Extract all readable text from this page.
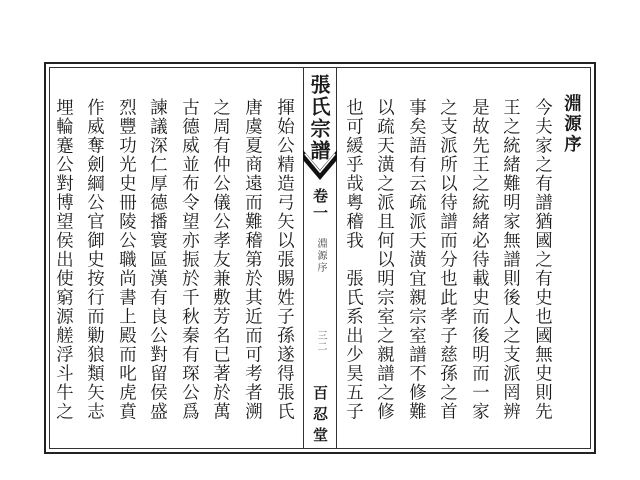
張氏宗譜
卷一
淵源序
三二
百忍堂
淵源序
今夫家之有譜猶國之有史也國無史則先
王之統緒難明家無譜則後人之支派罔辨
是故先王之統緒必待載史而後明而一家
之支派所以待譜而分也此孝子慈孫之首
事矣語有云疏派天潢宜親宗室譜不修難
以疏天潢之派且何以明宗室之親譜之修
也可緩乎哉粤稽我　張氏系出少昊五子
揮始公精造弓矢以張賜姓子孫遂得張氏
唐虞夏商遠而難稽第於其近而可考者溯
之周有仲公儀公孝友兼敷芳名已著於萬
古德威並布令望亦振於千秋秦有琛公爲
諫議深仁厚德播寰區漢有良公對留侯盛
烈豐功光史冊陵公職尚書上殿而叱虎賁
作威奪劍綱公官御史按行而勦狼類矢志
埋輪蹇公對博望侯出使窮源艖浮斗牛之
